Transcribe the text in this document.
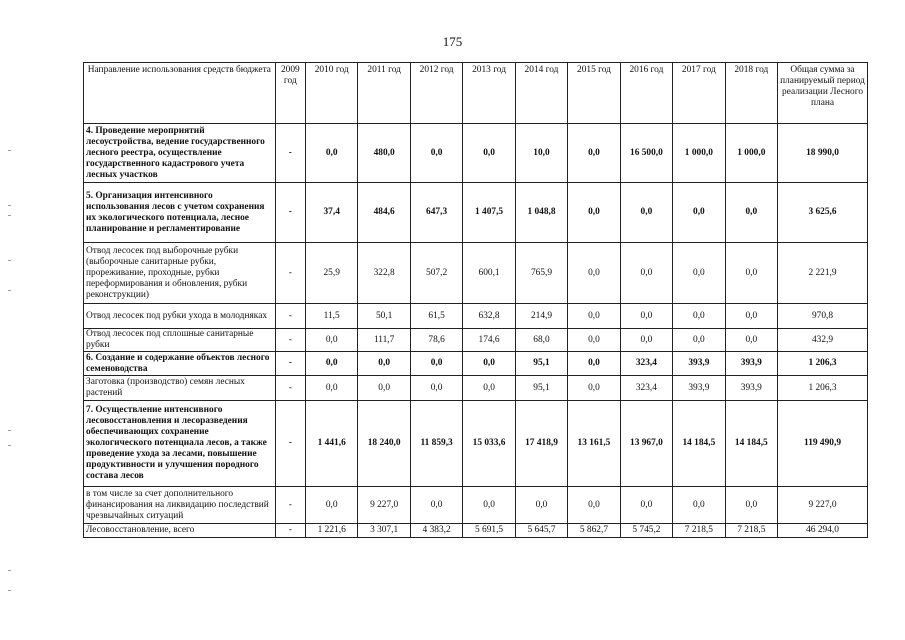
175
Направление использования средств бюджета	2009 год	2010 год	2011 год	2012 год	2013 год	2014 год	2015 год	2016 год	2017 год	2018 год	Общая сумма за планируемый период реализации Лесного плана
4. Проведение мероприятий лесоустройства, ведение государственного лесного реестра, осуществление государственного кадастрового учета лесных участков	-	0,0	480,0	0,0	0,0	10,0	0,0	16 500,0	1 000,0	1 000,0	18 990,0
5. Организация интенсивного использования лесов с учетом сохранения их экологического потенциала, лесное планирование и регламентирование	-	37,4	484,6	647,3	1 407,5	1 048,8	0,0	0,0	0,0	0,0	3 625,6
Отвод лесосек под выборочные рубки (выборочные санитарные рубки, прореживание, проходные, рубки переформирования и обновления, рубки реконструкции)	-	25,9	322,8	507,2	600,1	765,9	0,0	0,0	0,0	0,0	2 221,9
Отвод лесосек под рубки ухода в молодняках	-	11,5	50,1	61,5	632,8	214,9	0,0	0,0	0,0	0,0	970,8
Отвод лесосек под сплошные санитарные рубки	-	0,0	111,7	78,6	174,6	68,0	0,0	0,0	0,0	0,0	432,9
6. Создание и содержание объектов лесного семеноводства	-	0,0	0,0	0,0	0,0	95,1	0,0	323,4	393,9	393,9	1 206,3
Заготовка (производство) семян лесных растений	-	0,0	0,0	0,0	0,0	95,1	0,0	323,4	393,9	393,9	1 206,3
7. Осуществление интенсивного лесовосстановления и лесоразведения обеспечивающих сохранение экологического потенциала лесов, а также проведение ухода за лесами, повышение продуктивности и улучшения породного состава лесов	-	1 441,6	18 240,0	11 859,3	15 033,6	17 418,9	13 161,5	13 967,0	14 184,5	14 184,5	119 490,9
в том числе за счет дополнительного финансирования на ликвидацию последствий чрезвычайных ситуаций	-	0,0	9 227,0	0,0	0,0	0,0	0,0	0,0	0,0	0,0	9 227,0
Лесовосстановление, всего	-	1 221,6	3 307,1	4 383,2	5 691,5	5 645,7	5 862,7	5 745,2	7 218,5	7 218,5	46 294,0
